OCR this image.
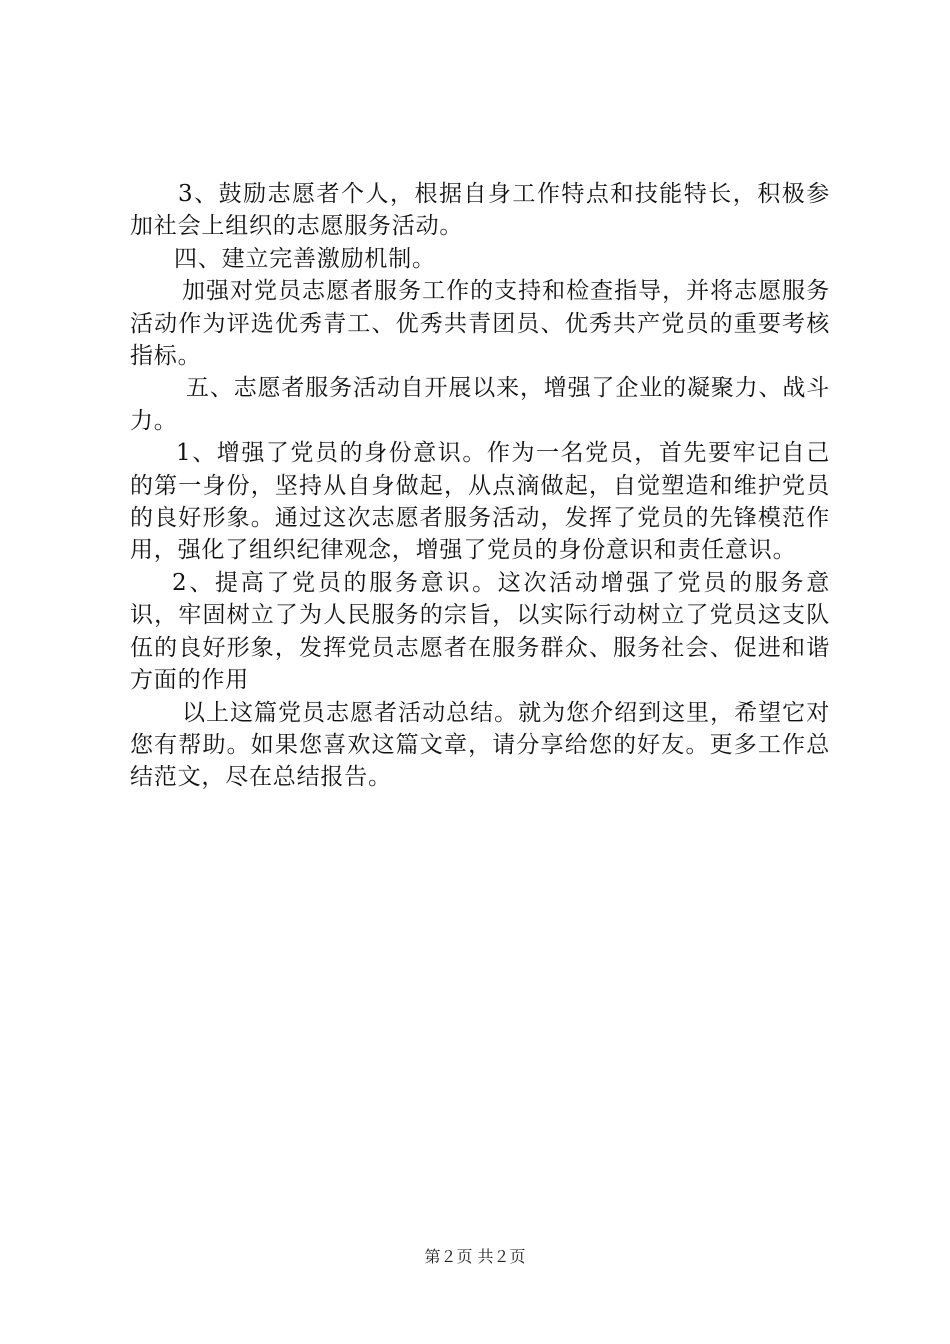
3、鼓励志愿者个人，根据自身工作特点和技能特长，积极参加社会上组织的志愿服务活动。

四、建立完善激励机制。

加强对党员志愿者服务工作的支持和检查指导，并将志愿服务活动作为评选优秀青工、优秀共青团员、优秀共产党员的重要考核指标。

五、志愿者服务活动自开展以来，增强了企业的凝聚力、战斗力。

1、增强了党员的身份意识。作为一名党员，首先要牢记自己的第一身份，坚持从自身做起，从点滴做起，自觉塑造和维护党员的良好形象。通过这次志愿者服务活动，发挥了党员的先锋模范作用，强化了组织纪律观念，增强了党员的身份意识和责任意识。

2、提高了党员的服务意识。这次活动增强了党员的服务意识，牢固树立了为人民服务的宗旨，以实际行动树立了党员这支队伍的良好形象，发挥党员志愿者在服务群众、服务社会、促进和谐方面的作用

以上这篇党员志愿者活动总结。就为您介绍到这里，希望它对您有帮助。如果您喜欢这篇文章，请分享给您的好友。更多工作总结范文，尽在总结报告。

第２页 共２页
